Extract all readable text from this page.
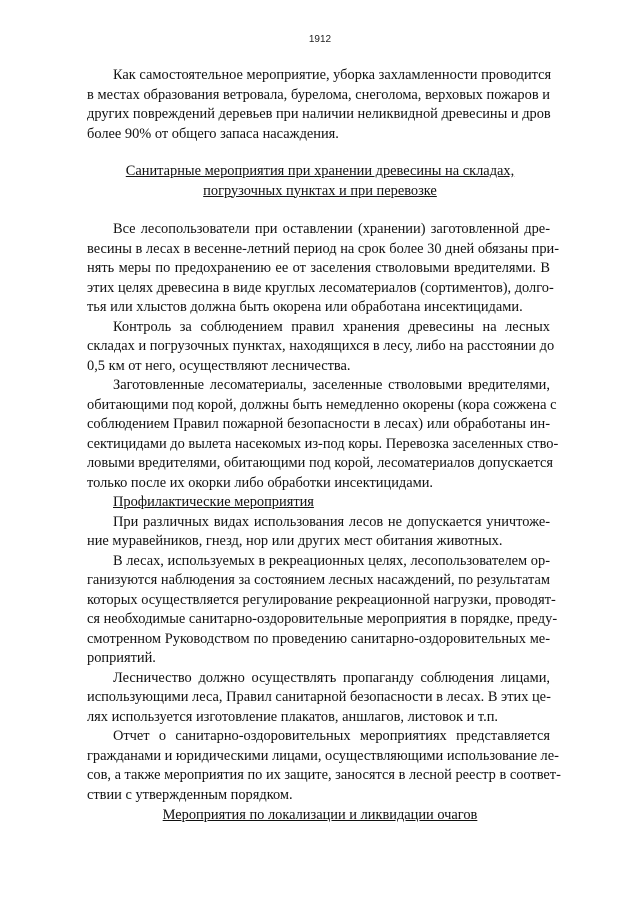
1912
Как самостоятельное мероприятие, уборка захламленности проводится
в местах образования ветровала, бурелома, снеголома, верховых пожаров и
других повреждений деревьев при наличии неликвидной древесины и дров
более 90% от общего запаса насаждения.
Санитарные мероприятия при хранении древесины на складах,
погрузочных пунктах и при перевозке
Все лесопользователи при оставлении (хранении) заготовленной дре-
весины в лесах в весенне-летний период на срок более 30 дней обязаны при-
нять меры по предохранению ее от заселения стволовыми вредителями. В
этих целях древесина в виде круглых лесоматериалов (сортиментов), долго-
тья или хлыстов должна быть окорена или обработана инсектицидами.
Контроль за соблюдением правил хранения древесины на лесных
складах и погрузочных пунктах, находящихся в лесу, либо на расстоянии до
0,5 км от него, осуществляют лесничества.
Заготовленные лесоматериалы, заселенные стволовыми вредителями,
обитающими под корой, должны быть немедленно окорены (кора сожжена с
соблюдением Правил пожарной безопасности в лесах) или обработаны ин-
сектицидами до вылета насекомых из-под коры. Перевозка заселенных ство-
ловыми вредителями, обитающими под корой, лесоматериалов допускается
только после их окорки либо обработки инсектицидами.
Профилактические мероприятия
При различных видах использования лесов не допускается уничтоже-
ние муравейников, гнезд, нор или других мест обитания животных.
В лесах, используемых в рекреационных целях, лесопользователем ор-
ганизуются наблюдения за состоянием лесных насаждений, по результатам
которых осуществляется регулирование рекреационной нагрузки, проводят-
ся необходимые санитарно-оздоровительные мероприятия в порядке, преду-
смотренном Руководством по проведению санитарно-оздоровительных ме-
роприятий.
Лесничество должно осуществлять пропаганду соблюдения лицами,
использующими леса, Правил санитарной безопасности в лесах. В этих це-
лях используется изготовление плакатов, аншлагов, листовок и т.п.
Отчет о санитарно-оздоровительных мероприятиях представляется
гражданами и юридическими лицами, осуществляющими использование ле-
сов, а также мероприятия по их защите, заносятся в лесной реестр в соответ-
ствии с утвержденным порядком.
Мероприятия по локализации и ликвидации очагов
